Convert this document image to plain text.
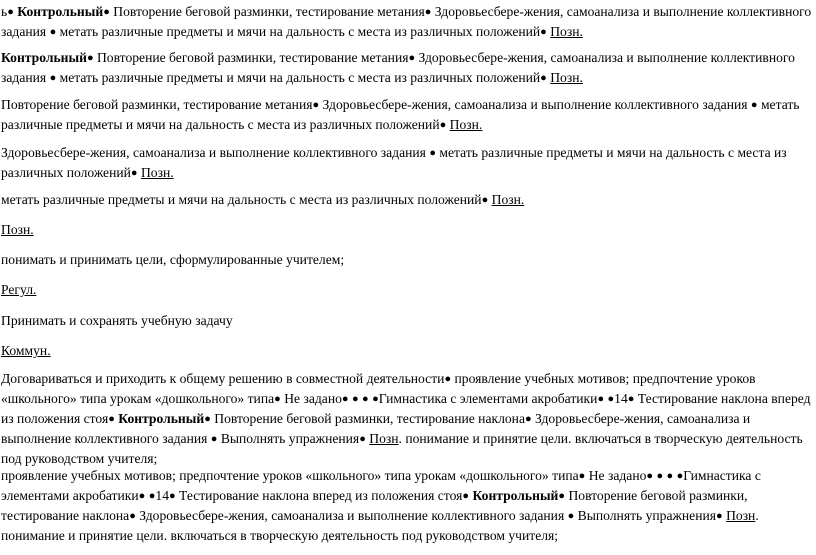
ь● Контрольный● Повторение беговой разминки, тестирование метания● Здоровьесбере-жения, самоанализа и выполнение коллективного задания ● метать различные предметы и мячи на дальность с места из различных положений● Позн.

Контрольный● Повторение беговой разминки, тестирование метания● Здоровьесбере-жения, самоанализа и выполнение коллективного задания ● метать различные предметы и мячи на дальность с места из различных положений● Позн.

Повторение беговой разминки, тестирование метания● Здоровьесбере-жения, самоанализа и выполнение коллективного задания ● метать различные предметы и мячи на дальность с места из различных положений● Позн.

Здоровьесбере-жения, самоанализа и выполнение коллективного задания ● метать различные предметы и мячи на дальность с места из различных положений● Позн.

метать различные предметы и мячи на дальность с места из различных положений● Позн.

Позн.

понимать и принимать цели, сформулированные учителем;

Регул.

Принимать и сохранять учебную задачу

Коммун.

Договариваться и приходить к общему решению в совместной деятельности● проявление учебных мотивов; предпочтение уроков «школьного» типа урокам «дошкольного» типа● Не задано● ● ● ●Гимнастика с элементами акробатики● ●14● Тестирование наклона вперед из положения стоя● Контрольный● Повторение беговой разминки, тестирование наклона● Здоровьесбере-жения, самоанализа и выполнение коллективного задания ● Выполнять упражнения● Позн. понимание и принятие цели. включаться в творческую деятельность под руководством учителя;

проявление учебных мотивов; предпочтение уроков «школьного» типа урокам «дошкольного» типа● Не задано● ● ● ●Гимнастика с элементами акробатики● ●14● Тестирование наклона вперед из положения стоя● Контрольный● Повторение беговой разминки, тестирование наклона● Здоровьесбере-жения, самоанализа и выполнение коллективного задания ● Выполнять упражнения● Позн. понимание и принятие цели. включаться в творческую деятельность под руководством учителя;
